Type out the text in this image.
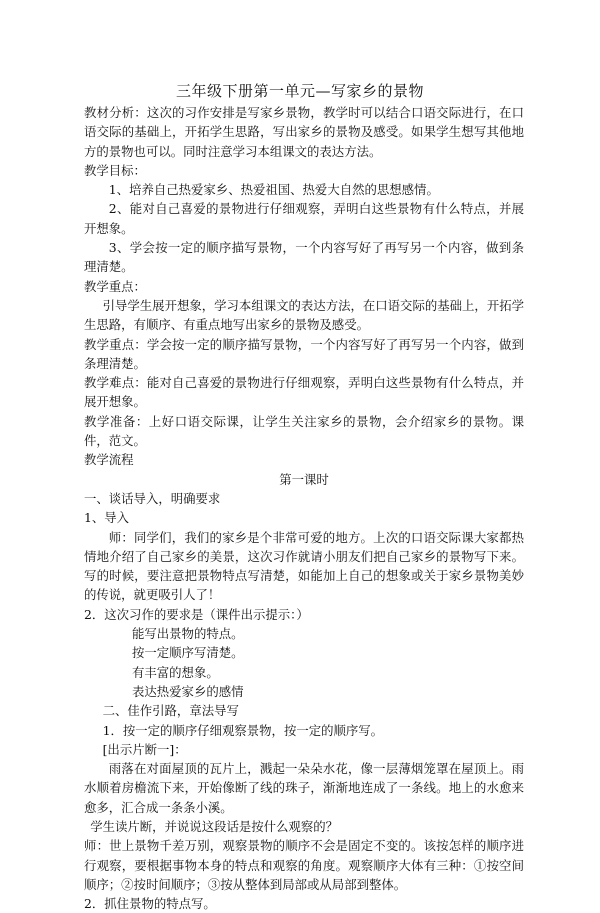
三年级下册第一单元—写家乡的景物

教材分析：这次的习作安排是写家乡景物，教学时可以结合口语交际进行，在口语交际的基础上，开拓学生思路，写出家乡的景物及感受。如果学生想写其他地方的景物也可以。同时注意学习本组课文的表达方法。

教学目标：

1、培养自己热爱家乡、热爱祖国、热爱大自然的思想感情。

2、能对自己喜爱的景物进行仔细观察，弄明白这些景物有什么特点，并展开想象。

3、学会按一定的顺序描写景物，一个内容写好了再写另一个内容，做到条理清楚。

教学重点：

引导学生展开想象，学习本组课文的表达方法，在口语交际的基础上，开拓学生思路，有顺序、有重点地写出家乡的景物及感受。

教学重点：学会按一定的顺序描写景物，一个内容写好了再写另一个内容，做到条理清楚。

教学难点：能对自己喜爱的景物进行仔细观察，弄明白这些景物有什么特点，并展开想象。

教学准备：上好口语交际课，让学生关注家乡的景物，会介绍家乡的景物。课件，范文。

教学流程

第一课时

一、谈话导入，明确要求

1、导入

师：同学们，我们的家乡是个非常可爱的地方。上次的口语交际课大家都热情地介绍了自己家乡的美景，这次习作就请小朋友们把自己家乡的景物写下来。写的时候，要注意把景物特点写清楚，如能加上自己的想象或关于家乡景物美妙的传说，就更吸引人了！

2．这次习作的要求是（课件出示提示：）

能写出景物的特点。

按一定顺序写清楚。

有丰富的想象。

表达热爱家乡的感情

二、佳作引路，章法导写

1．按一定的顺序仔细观察景物，按一定的顺序写。

[出示片断一]：

雨落在对面屋顶的瓦片上，溅起一朵朵水花，像一层薄烟笼罩在屋顶上。雨水顺着房檐流下来，开始像断了线的珠子，渐渐地连成了一条线。地上的水愈来愈多，汇合成一条条小溪。

学生读片断，并说说这段话是按什么观察的？

师：世上景物千差万别，观察景物的顺序不会是固定不变的。该按怎样的顺序进行观察，要根据事物本身的特点和观察的角度。观察顺序大体有三种：①按空间顺序；②按时间顺序；③按从整体到局部或从局部到整体。

2．抓住景物的特点写。
